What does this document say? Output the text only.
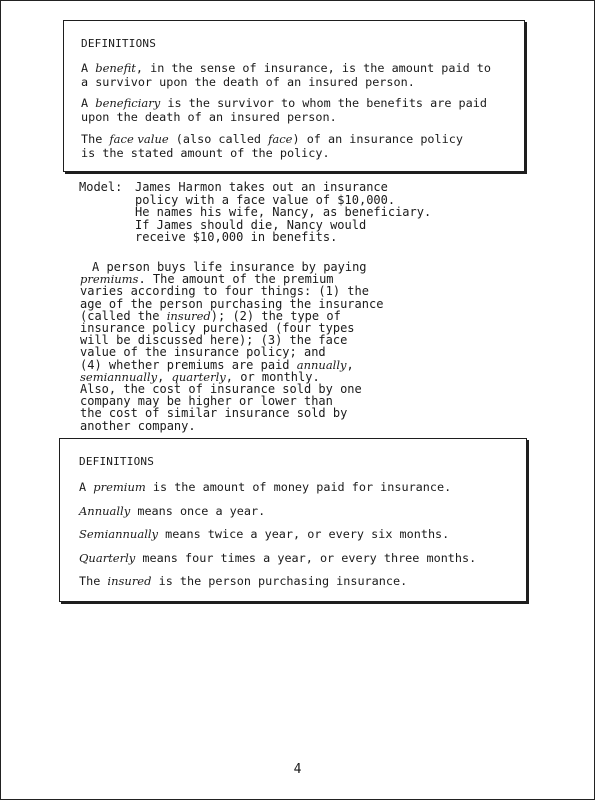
DEFINITIONS
A benefit, in the sense of insurance, is the amount paid to
a survivor upon the death of an insured person.
A beneficiary is the survivor to whom the benefits are paid
upon the death of an insured person.
The face value (also called face) of an insurance policy
is the stated amount of the policy.
Model: James Harmon takes out an insurance
policy with a face value of $10,000.
He names his wife, Nancy, as beneficiary.
If James should die, Nancy would
receive $10,000 in benefits.
A person buys life insurance by paying
premiums. The amount of the premium
varies according to four things: (1) the
age of the person purchasing the insurance
(called the insured); (2) the type of
insurance policy purchased (four types
will be discussed here); (3) the face
value of the insurance policy; and
(4) whether premiums are paid annually,
semiannually, quarterly, or monthly.
Also, the cost of insurance sold by one
company may be higher or lower than
the cost of similar insurance sold by
another company.
DEFINITIONS
A premium is the amount of money paid for insurance.
Annually means once a year.
Semiannually means twice a year, or every six months.
Quarterly means four times a year, or every three months.
The insured is the person purchasing insurance.
4
